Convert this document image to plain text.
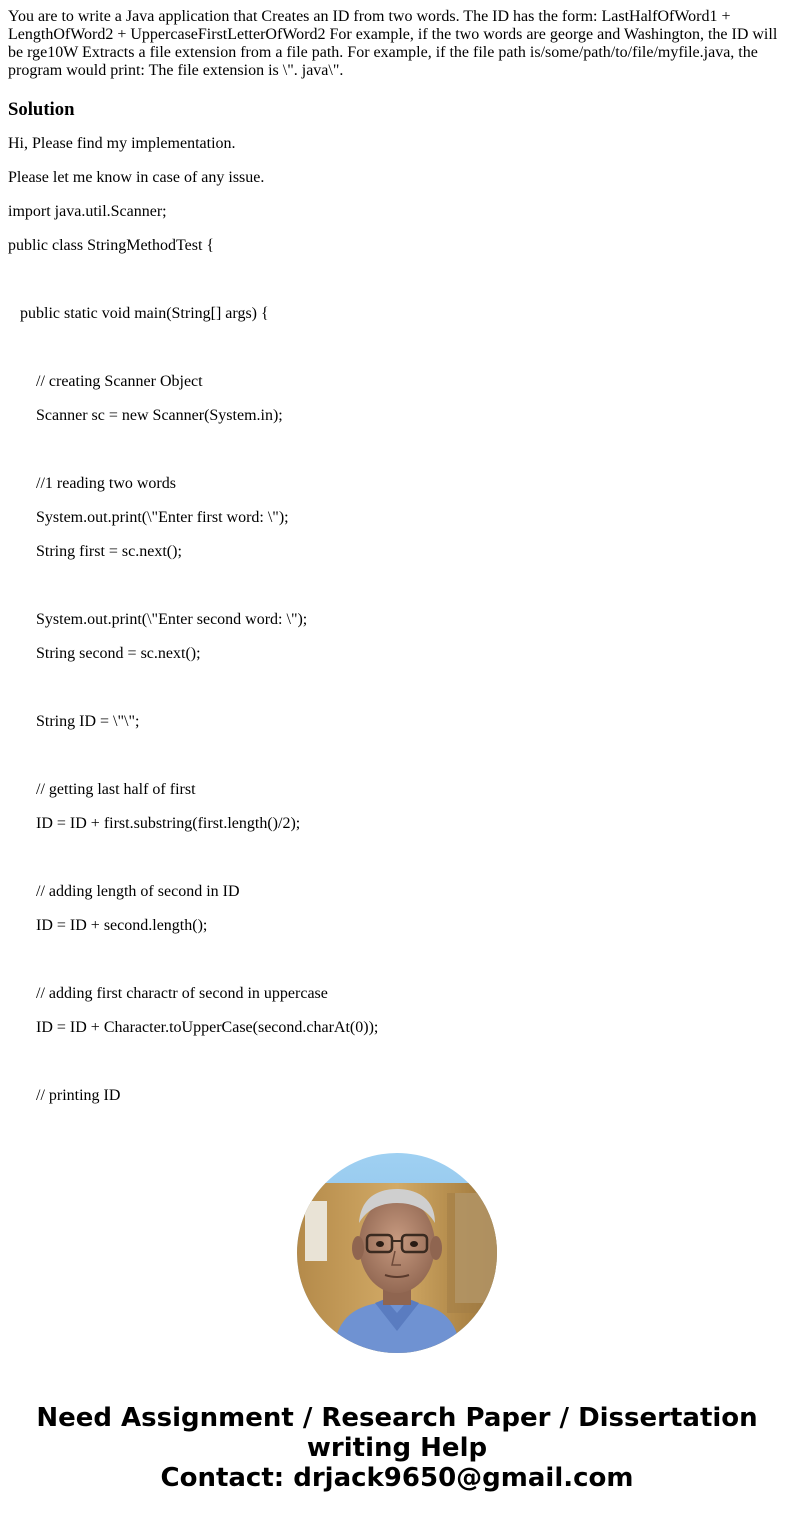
You are to write a Java application that Creates an ID from two words. The ID has the form: LastHalfOfWord1 + LengthOfWord2 + UppercaseFirstLetterOfWord2 For example, if the two words are george and Washington, the ID will be rge10W Extracts a file extension from a file path. For example, if the file path is/some/path/to/file/myfile.java, the program would print: The file extension is \". java\".

Solution
Hi, Please find my implementation.
Please let me know in case of any issue.
import java.util.Scanner;
public class StringMethodTest {
public static void main(String[] args) {
// creating Scanner Object
Scanner sc = new Scanner(System.in);
//1 reading two words
System.out.print(\"Enter first word: \");
String first = sc.next();
System.out.print(\"Enter second word: \");
String second = sc.next();
String ID = \"\";
// getting last half of first
ID = ID + first.substring(first.length()/2);
// adding length of second in ID
ID = ID + second.length();
// adding first charactr of second in uppercase
ID = ID + Character.toUpperCase(second.charAt(0));
// printing ID
Need Assignment / Research Paper / Dissertation
writing Help
Contact: drjack9650@gmail.com
